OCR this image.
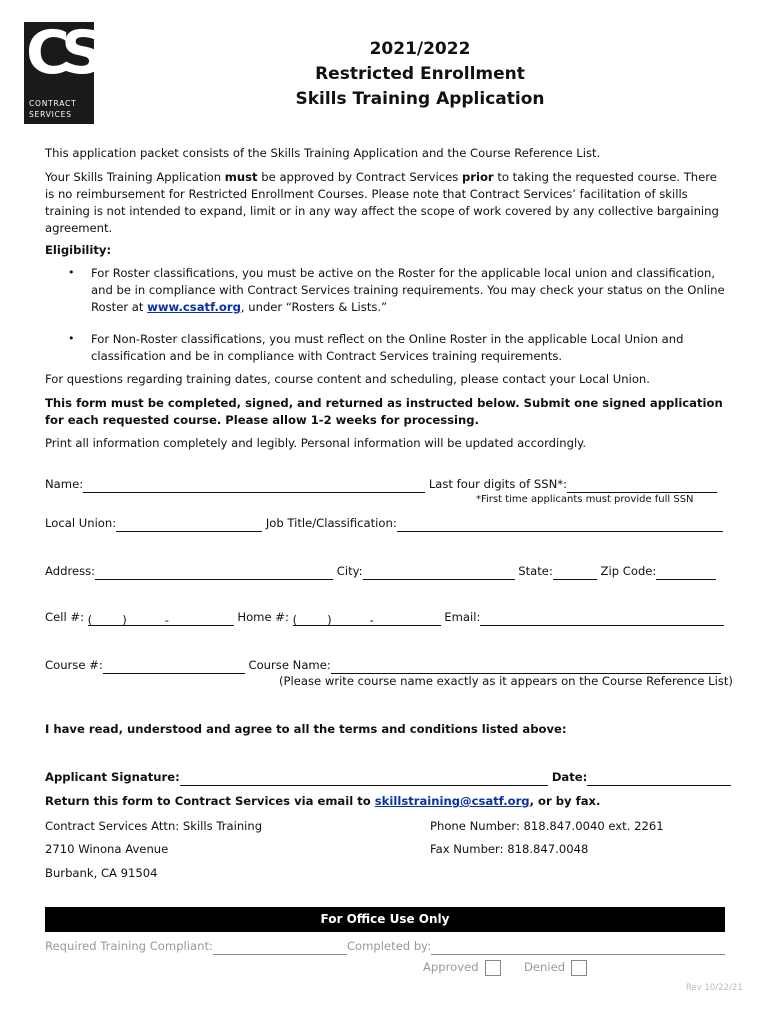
CS
CONTRACT
SERVICES
2021/2022
Restricted Enrollment
Skills Training Application

This application packet consists of the Skills Training Application and the Course Reference List.

Your Skills Training Application must be approved by Contract Services prior to taking the requested course. There is no reimbursement for Restricted Enrollment Courses. Please note that Contract Services’ facilitation of skills training is not intended to expand, limit or in any way affect the scope of work covered by any collective bargaining agreement.

Eligibility:

• For Roster classifications, you must be active on the Roster for the applicable local union and classification, and be in compliance with Contract Services training requirements. You may check your status on the Online Roster at www.csatf.org, under “Rosters & Lists.”

• For Non-Roster classifications, you must reflect on the Online Roster in the applicable Local Union and classification and be in compliance with Contract Services training requirements.

For questions regarding training dates, course content and scheduling, please contact your Local Union.

This form must be completed, signed, and returned as instructed below. Submit one signed application for each requested course. Please allow 1-2 weeks for processing.

Print all information completely and legibly. Personal information will be updated accordingly.

Name:	Last four digits of SSN*:
*First time applicants must provide full SSN
Local Union:	Job Title/Classification:
Address:	City:	State:	Zip Code:
Cell #: (	)	-	Home #: (	)	-	Email:
Course #:	Course Name:
(Please write course name exactly as it appears on the Course Reference List)

I have read, understood and agree to all the terms and conditions listed above:

Applicant Signature:	Date:

Return this form to Contract Services via email to skillstraining@csatf.org, or by fax.

Contract Services Attn: Skills Training	Phone Number: 818.847.0040 ext. 2261

2710 Winona Avenue	Fax Number: 818.847.0048

Burbank, CA 91504

For Office Use Only
Required Training Compliant:	Completed by:
Approved	Denied
Rev 10/22/21
